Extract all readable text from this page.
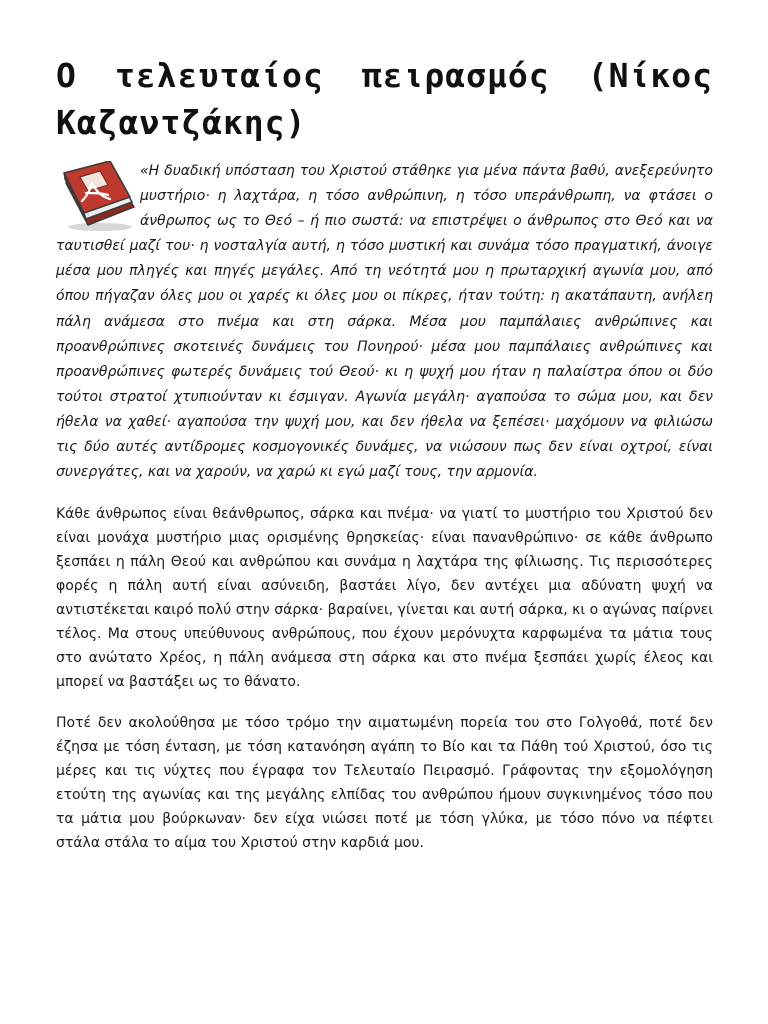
Ο τελευταίος πειρασμός (Νίκος Καζαντζάκης)

«Η δυαδική υπόσταση του Χριστού στάθηκε για μένα πάντα βαθύ, ανεξερεύνητο μυστήριο· η λαχτάρα, η τόσο ανθρώπινη, η τόσο υπεράνθρωπη, να φτάσει ο άνθρωπος ως το Θεό – ή πιο σωστά: να επιστρέψει ο άνθρωπος στο Θεό και να ταυτισθεί μαζί του· η νοσταλγία αυτή, η τόσο μυστική και συνάμα τόσο πραγματική, άνοιγε μέσα μου πληγές και πηγές μεγάλες. Από τη νεότητά μου η πρωταρχική αγωνία μου, από όπου πήγαζαν όλες μου οι χαρές κι όλες μου οι πίκρες, ήταν τούτη: η ακατάπαυτη, ανήλεη πάλη ανάμεσα στο πνέμα και στη σάρκα. Μέσα μου παμπάλαιες ανθρώπινες και προανθρώπινες σκοτεινές δυνάμεις του Πονηρού· μέσα μου παμπάλαιες ανθρώπινες και προανθρώπινες φωτερές δυνάμεις τού Θεού· κι η ψυχή μου ήταν η παλαίστρα όπου οι δύο τούτοι στρατοί χτυπιούνταν κι έσμιγαν. Αγωνία μεγάλη· αγαπούσα το σώμα μου, και δεν ήθελα να χαθεί· αγαπούσα την ψυχή μου, και δεν ήθελα να ξεπέσει· μαχόμουν να φιλιώσω τις δύο αυτές αντίδρομες κοσμογονικές δυνάμες, να νιώσουν πως δεν είναι οχτροί, είναι συνεργάτες, και να χαρούν, να χαρώ κι εγώ μαζί τους, την αρμονία.

Κάθε άνθρωπος είναι θεάνθρωπος, σάρκα και πνέμα· να γιατί το μυστήριο του Χριστού δεν είναι μονάχα μυστήριο μιας ορισμένης θρησκείας· είναι πανανθρώπινο· σε κάθε άνθρωπο ξεσπάει η πάλη Θεού και ανθρώπου και συνάμα η λαχτάρα της φίλιωσης. Τις περισσότερες φορές η πάλη αυτή είναι ασύνειδη, βαστάει λίγο, δεν αντέχει μια αδύνατη ψυχή να αντιστέκεται καιρό πολύ στην σάρκα· βαραίνει, γίνεται και αυτή σάρκα, κι ο αγώνας παίρνει τέλος. Μα στους υπεύθυνους ανθρώπους, που έχουν μερόνυχτα καρφωμένα τα μάτια τους στο ανώτατο Χρέος, η πάλη ανάμεσα στη σάρκα και στο πνέμα ξεσπάει χωρίς έλεος και μπορεί να βαστάξει ως το θάνατο.

Ποτέ δεν ακολούθησα με τόσο τρόμο την αιματωμένη πορεία του στο Γολγοθά, ποτέ δεν έζησα με τόση ένταση, με τόση κατανόηση αγάπη το Βίο και τα Πάθη τού Χριστού, όσο τις μέρες και τις νύχτες που έγραφα τον Τελευταίο Πειρασμό. Γράφοντας την εξομολόγηση ετούτη της αγωνίας και της μεγάλης ελπίδας του ανθρώπου ήμουν συγκινημένος τόσο που τα μάτια μου βούρκωναν· δεν είχα νιώσει ποτέ με τόση γλύκα, με τόσο πόνο να πέφτει στάλα στάλα το αίμα του Χριστού στην καρδιά μου.
